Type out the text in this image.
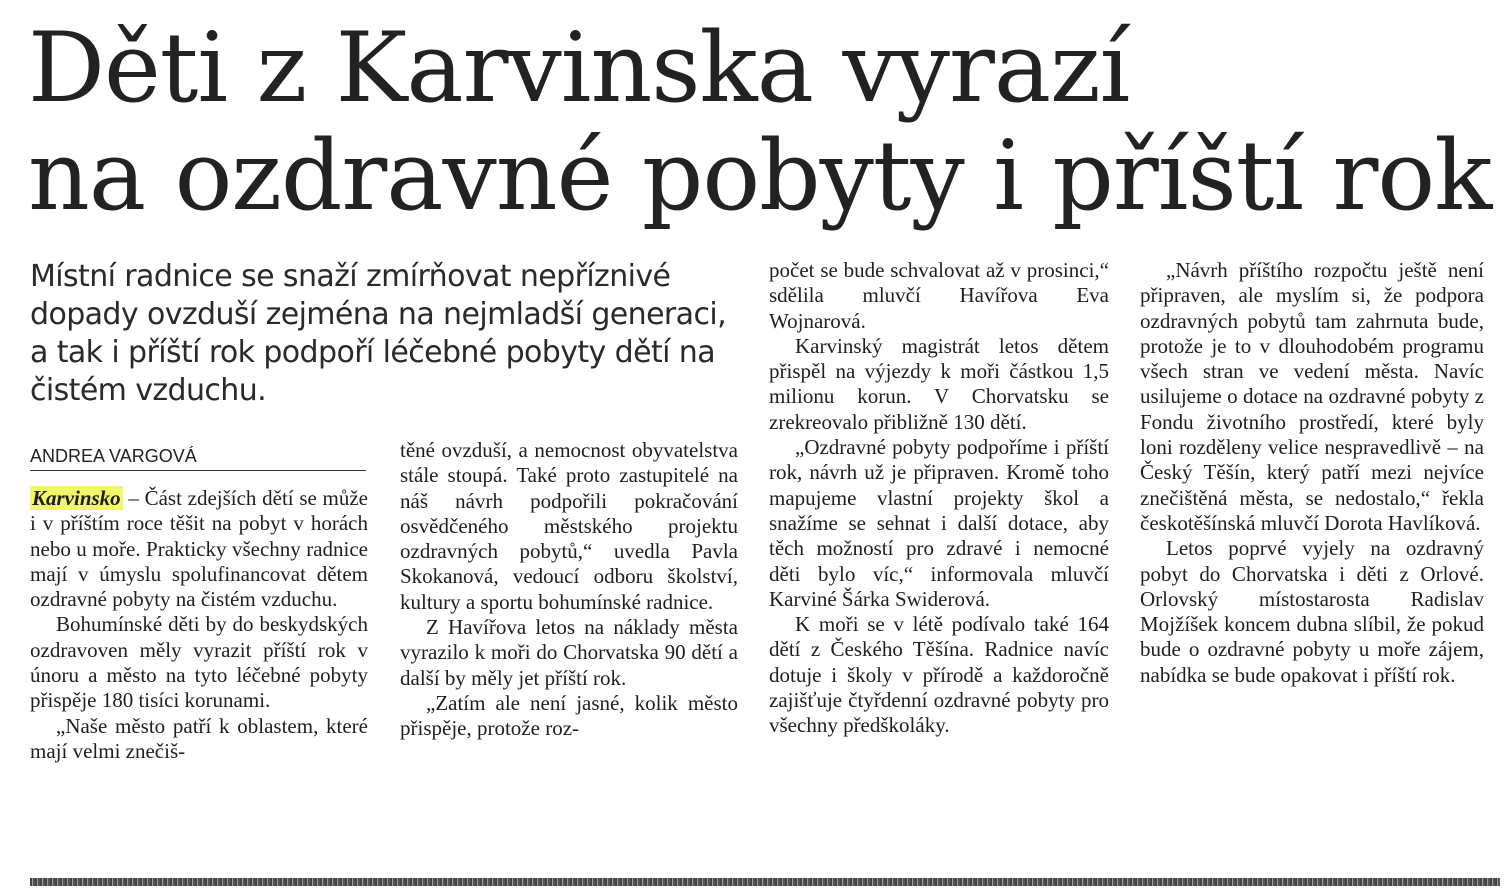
Děti z Karvinska vyrazí
na ozdravné pobyty i příští rok

Místní radnice se snaží zmírňovat nepříznivé dopady ovzduší zejména na nejmladší generaci, a tak i příští rok podpoří léčebné pobyty dětí na čistém vzduchu.

ANDREA VARGOVÁ

Karvinsko – Část zdejších dětí se může i v příštím roce těšit na pobyt v horách nebo u moře. Prakticky všechny radnice mají v úmyslu spolufinancovat dětem ozdravné pobyty na čistém vzduchu.

Bohumínské děti by do beskydských ozdravoven měly vyrazit příští rok v únoru a město na tyto léčebné pobyty přispěje 180 tisíci korunami.

„Naše město patří k oblastem, které mají velmi znečiš-

těné ovzduší, a nemocnost obyvatelstva stále stoupá. Také proto zastupitelé na náš návrh podpořili pokračování osvědčeného městského projektu ozdravných pobytů,“ uvedla Pavla Skokanová, vedoucí odboru školství, kultury a sportu bohumínské radnice.

Z Havířova letos na náklady města vyrazilo k moři do Chorvatska 90 dětí a další by měly jet příští rok.

„Zatím ale není jasné, kolik město přispěje, protože roz-

počet se bude schvalovat až v prosinci,“ sdělila mluvčí Havířova Eva Wojnarová.

Karvinský magistrát letos dětem přispěl na výjezdy k moři částkou 1,5 milionu korun. V Chorvatsku se zrekreovalo přibližně 130 dětí.

„Ozdravné pobyty podpoříme i příští rok, návrh už je připraven. Kromě toho mapujeme vlastní projekty škol a snažíme se sehnat i další dotace, aby těch možností pro zdravé i nemocné děti bylo víc,“ informovala mluvčí Karviné Šárka Swiderová.

K moři se v létě podívalo také 164 dětí z Českého Těšína. Radnice navíc dotuje i školy v přírodě a každoročně zajišťuje čtyřdenní ozdravné pobyty pro všechny předškoláky.

„Návrh příštího rozpočtu ještě není připraven, ale myslím si, že podpora ozdravných pobytů tam zahrnuta bude, protože je to v dlouhodobém programu všech stran ve vedení města. Navíc usilujeme o dotace na ozdravné pobyty z Fondu životního prostředí, které byly loni rozděleny velice nespravedlivě – na Český Těšín, který patří mezi nejvíce znečištěná města, se nedostalo,“ řekla českotěšínská mluvčí Dorota Havlíková.

Letos poprvé vyjely na ozdravný pobyt do Chorvatska i děti z Orlové. Orlovský místostarosta Radislav Mojžíšek koncem dubna slíbil, že pokud bude o ozdravné pobyty u moře zájem, nabídka se bude opakovat i příští rok.
